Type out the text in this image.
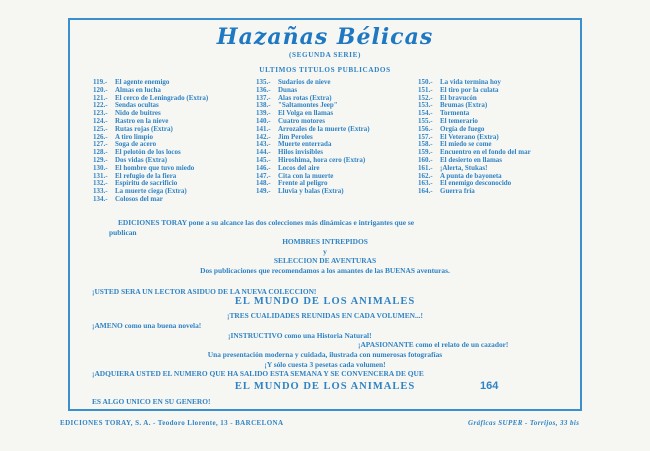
Hazañas Bélicas
(SEGUNDA SERIE)
ULTIMOS TITULOS PUBLICADOS
119.- El agente enemigo
120.- Almas en lucha
121.- El cerco de Leningrado (Extra)
122.- Sendas ocultas
123.- Nido de buitres
124.- Rastro en la nieve
125.- Rutas rojas (Extra)
126.- A tiro limpio
127.- Soga de acero
128.- El pelotón de los locos
129.- Dos vidas (Extra)
130.- El hombre que tuvo miedo
131.- El refugio de la fiera
132.- Espíritu de sacrificio
133.- La muerte ciega (Extra)
134.- Colosos del mar
135.- Sudarios de nieve
136.- Dunas
137.- Alas rotas (Extra)
138.- "Saltamontes Jeep"
139.- El Volga en llamas
140.- Cuatro motores
141.- Arrozales de la muerte (Extra)
142.- Jim Peroles
143.- Muerte enterrada
144.- Hilos invisibles
145.- Hiroshima, hora cero (Extra)
146.- Locos del aire
147.- Cita con la muerte
148.- Frente al peligro
149.- Lluvia y balas (Extra)
150.- La vida termina hoy
151.- El tiro por la culata
152.- El bravucón
153.- Brumas (Extra)
154.- Tormenta
155.- El temerario
156.- Orgía de fuego
157.- El Veterano (Extra)
158.- El miedo se come
159.- Encuentro en el fondo del mar
160.- El desierto en llamas
161.- ¡Alerta, Stukas!
162.- A punta de bayoneta
163.- El enemigo desconocido
164.- Guerra fría
EDICIONES TORAY pone a su alcance las dos colecciones más dinámicas e intrigantes que se
publican
HOMBRES INTREPIDOS
y
SELECCION DE AVENTURAS
Dos publicaciones que recomendamos a los amantes de las BUENAS aventuras.
¡USTED SERA UN LECTOR ASIDUO DE LA NUEVA COLECCION!
EL MUNDO DE LOS ANIMALES
¡TRES CUALIDADES REUNIDAS EN CADA VOLUMEN...!
¡AMENO como una buena novela!
¡INSTRUCTIVO como una Historia Natural!
¡APASIONANTE como el relato de un cazador!
Una presentación moderna y cuidada, ilustrada con numerosas fotografías
¡Y sólo cuesta 3 pesetas cada volumen!
¡ADQUIERA USTED EL NUMERO QUE HA SALIDO ESTA SEMANA Y SE CONVENCERA DE QUE
EL MUNDO DE LOS ANIMALES
ES ALGO UNICO EN SU GENERO!
164
EDICIONES TORAY, S. A. - Teodoro Llorente, 13 - BARCELONA	Gráficas SUPER - Torrijos, 33 bis
